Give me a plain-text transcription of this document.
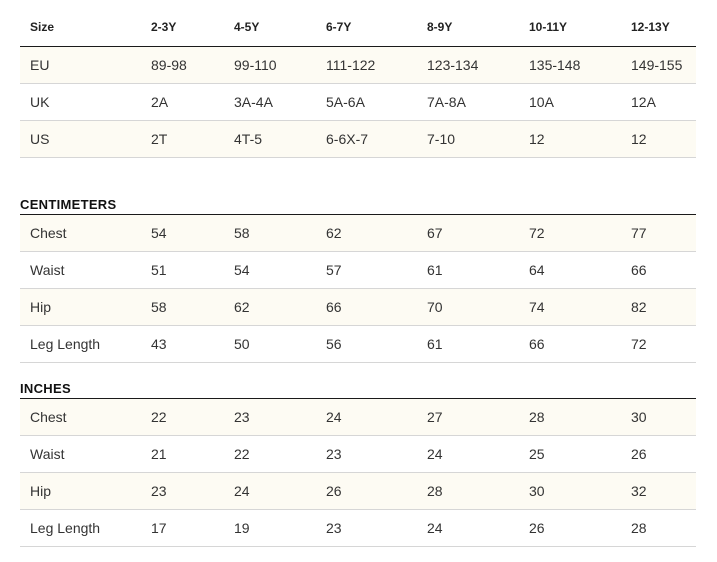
Size	2-3Y	4-5Y	6-7Y	8-9Y	10-11Y	12-13Y
EU	89-98	99-110	111-122	123-134	135-148	149-155
UK	2A	3A-4A	5A-6A	7A-8A	10A	12A
US	2T	4T-5	6-6X-7	7-10	12	12
CENTIMETERS
Chest	54	58	62	67	72	77
Waist	51	54	57	61	64	66
Hip	58	62	66	70	74	82
Leg Length	43	50	56	61	66	72
INCHES
Chest	22	23	24	27	28	30
Waist	21	22	23	24	25	26
Hip	23	24	26	28	30	32
Leg Length	17	19	23	24	26	28
